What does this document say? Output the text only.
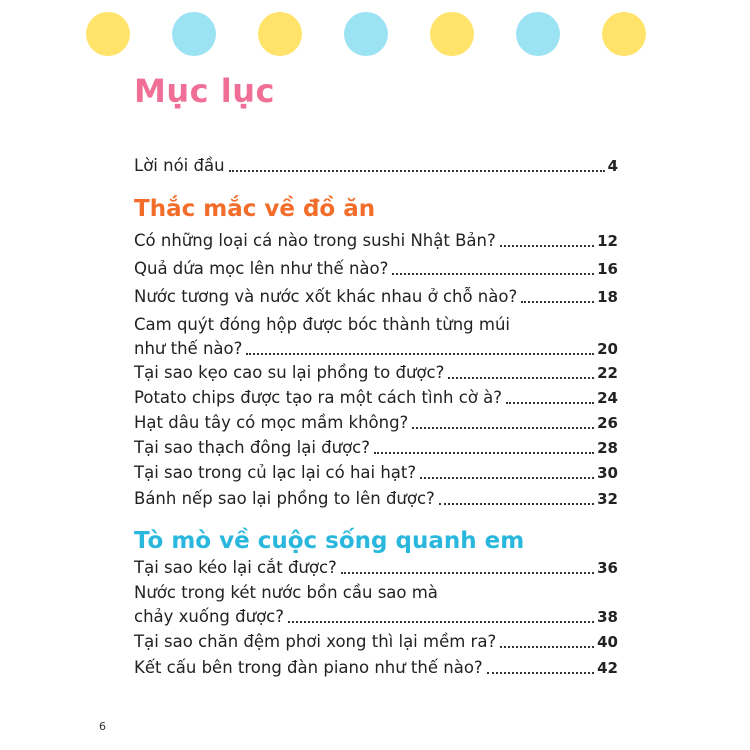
Mục lục
Lời nói đầu	4
Thắc mắc về đồ ăn
Có những loại cá nào trong sushi Nhật Bản?	12
Quả dứa mọc lên như thế nào?	16
Nước tương và nước xốt khác nhau ở chỗ nào?	18
Cam quýt đóng hộp được bóc thành từng múi
như thế nào?	20
Tại sao kẹo cao su lại phồng to được?	22
Potato chips được tạo ra một cách tình cờ à?	24
Hạt dâu tây có mọc mầm không?	26
Tại sao thạch đông lại được?	28
Tại sao trong củ lạc lại có hai hạt?	30
Bánh nếp sao lại phồng to lên được?	32
Tò mò về cuộc sống quanh em
Tại sao kéo lại cắt được?	36
Nước trong két nước bồn cầu sao mà
chảy xuống được?	38
Tại sao chăn đệm phơi xong thì lại mềm ra?	40
Kết cấu bên trong đàn piano như thế nào?	42
6
